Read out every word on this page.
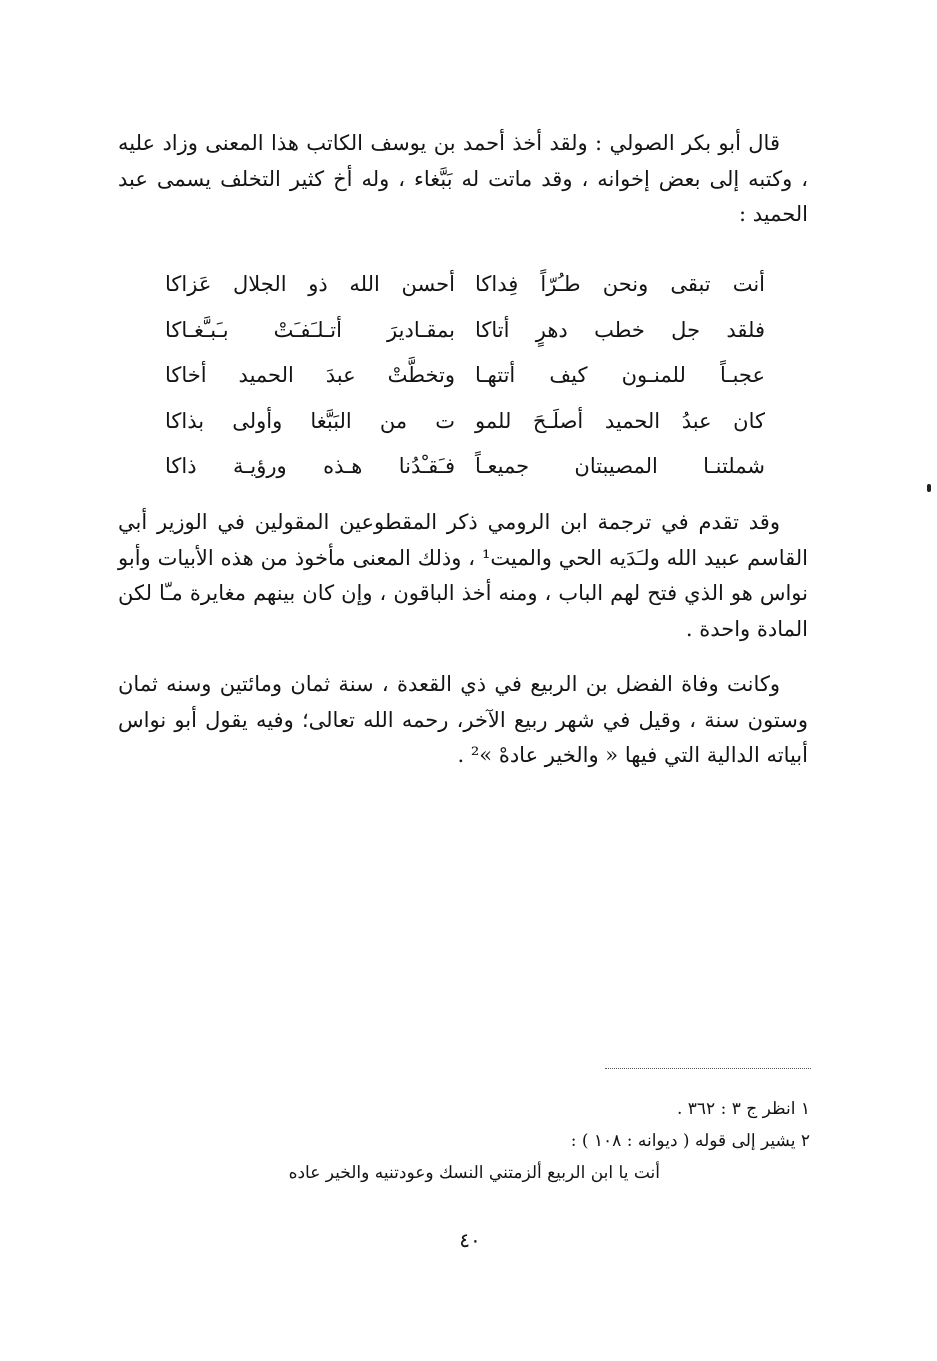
قال أبو بكر الصولي : ولقد أخذ أحمد بن يوسف الكاتب هذا المعنى وزاد عليه ، وكتبه إلى بعض إخوانه ، وقد ماتت له بَبَّغاء ، وله أخ كثير التخلف يسمى عبد الحميد :

أنت تبقى ونحن طـُرّاً فِداكا
أحسن الله ذو الجلال عَزاكا
فلقد جل خطب دهرٍ أتاكا
بمقـاديرَ أتـلـَفـَتْ بـَبـَّغـاكا
عجبـاً للمنـون كيف أتتهـا
وتخطَّتْ عبدَ الحميد أخاكا
كان عبدُ الحميد أصلَـحَ للمو
ت من البَبَّغا وأولى بذاكا
شملتنـا المصيبتان جميعـاً
فـَقـْدُنا هـذه ورؤيـة ذاكا

وقد تقدم في ترجمة ابن الرومي ذكر المقطوعين المقولين في الوزير أبي القاسم عبيد الله ولـَدَيه الحي والميت¹ ، وذلك المعنى مأخوذ من هذه الأبيات وأبو نواس هو الذي فتح لهم الباب ، ومنه أخذ الباقون ، وإن كان بينهم مغايرة مـّا لكن المادة واحدة .

وكانت وفاة الفضل بن الربيع في ذي القعدة ، سنة ثمان ومائتين وسنه ثمان وستون سنة ، وقيل في شهر ربيع الآخر، رحمه الله تعالى؛ وفيه يقول أبو نواس أبياته الدالية التي فيها « والخير عادهْ »² .

١ انظر ج ٣ : ٣٦٢ .
٢ يشير إلى قوله ( ديوانه : ١٠٨ ) :
أنت يا ابن الربيع ألزمتني النسك وعودتنيه والخير عاده
٤٠
